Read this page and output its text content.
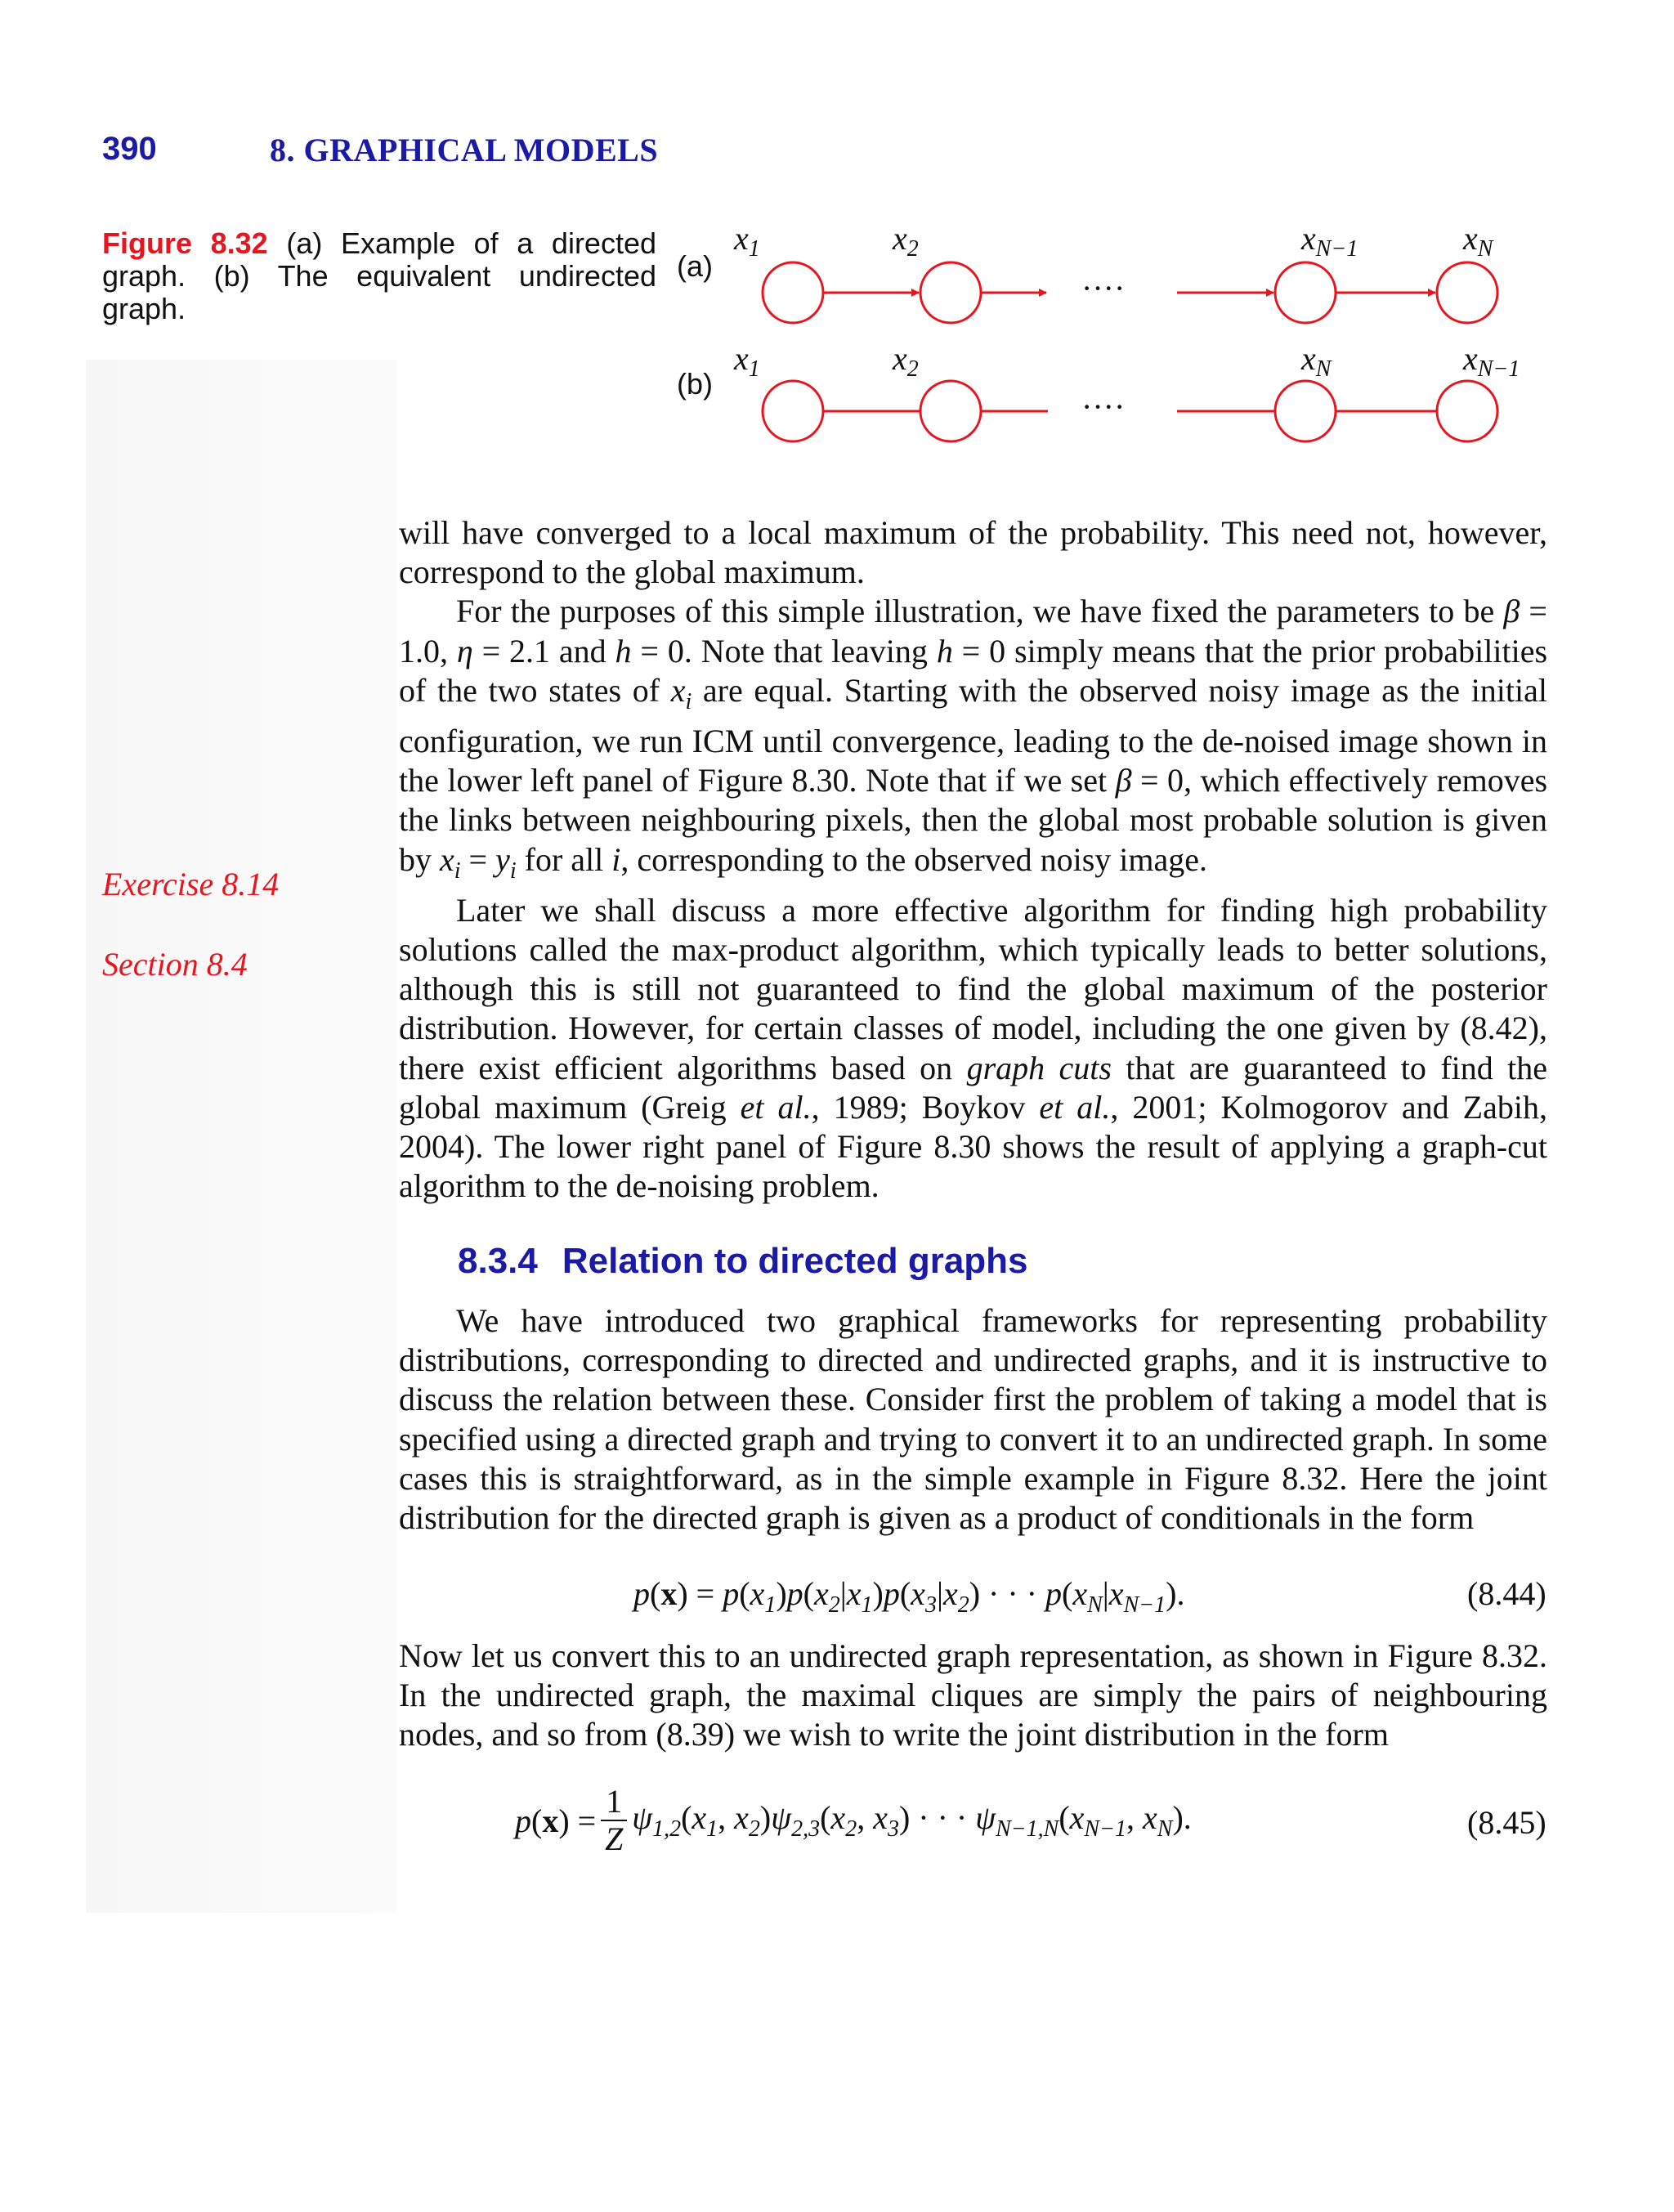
390	8. GRAPHICAL MODELS
Figure 8.32 (a) Example of a directed graph. (b) The equivalent undirected graph.
(a)
(b)
$x_1$	$x_2$	$x_{N-1}$	$x_N$
····
$x_1$	$x_2$	$x_N$	$x_{N-1}$
····
Exercise 8.14
Section 8.4

will have converged to a local maximum of the probability. This need not, however, correspond to the global maximum.

For the purposes of this simple illustration, we have fixed the parameters to be β = 1.0, η = 2.1 and h = 0. Note that leaving h = 0 simply means that the prior probabilities of the two states of $x_i$ are equal. Starting with the observed noisy image as the initial configuration, we run ICM until convergence, leading to the de-noised image shown in the lower left panel of Figure 8.30. Note that if we set β = 0, which effectively removes the links between neighbouring pixels, then the global most probable solution is given by $x_i = y_i$ for all i, corresponding to the observed noisy image.

Later we shall discuss a more effective algorithm for finding high probability solutions called the max-product algorithm, which typically leads to better solutions, although this is still not guaranteed to find the global maximum of the posterior distribution. However, for certain classes of model, including the one given by (8.42), there exist efficient algorithms based on graph cuts that are guaranteed to find the global maximum (Greig et al., 1989; Boykov et al., 2001; Kolmogorov and Zabih, 2004). The lower right panel of Figure 8.30 shows the result of applying a graph-cut algorithm to the de-noising problem.

8.3.4 Relation to directed graphs

We have introduced two graphical frameworks for representing probability distributions, corresponding to directed and undirected graphs, and it is instructive to discuss the relation between these. Consider first the problem of taking a model that is specified using a directed graph and trying to convert it to an undirected graph. In some cases this is straightforward, as in the simple example in Figure 8.32. Here the joint distribution for the directed graph is given as a product of conditionals in the form

$p(x) = p(x_1)p(x_2|x_1)p(x_3|x_2)$ · · · $p(x_N|x_{N-1})$.	(8.44)

Now let us convert this to an undirected graph representation, as shown in Figure 8.32. In the undirected graph, the maximal cliques are simply the pairs of neighbouring nodes, and so from (8.39) we wish to write the joint distribution in the form

$p(x) = \frac{1}{Z} \psi_{1,2}(x_1$, $x_2)\psi_{2,3}(x_2$, $x_3$) · · · $\psi_{N-1,N}(x_{N-1}$, $x_N$).	(8.45)
